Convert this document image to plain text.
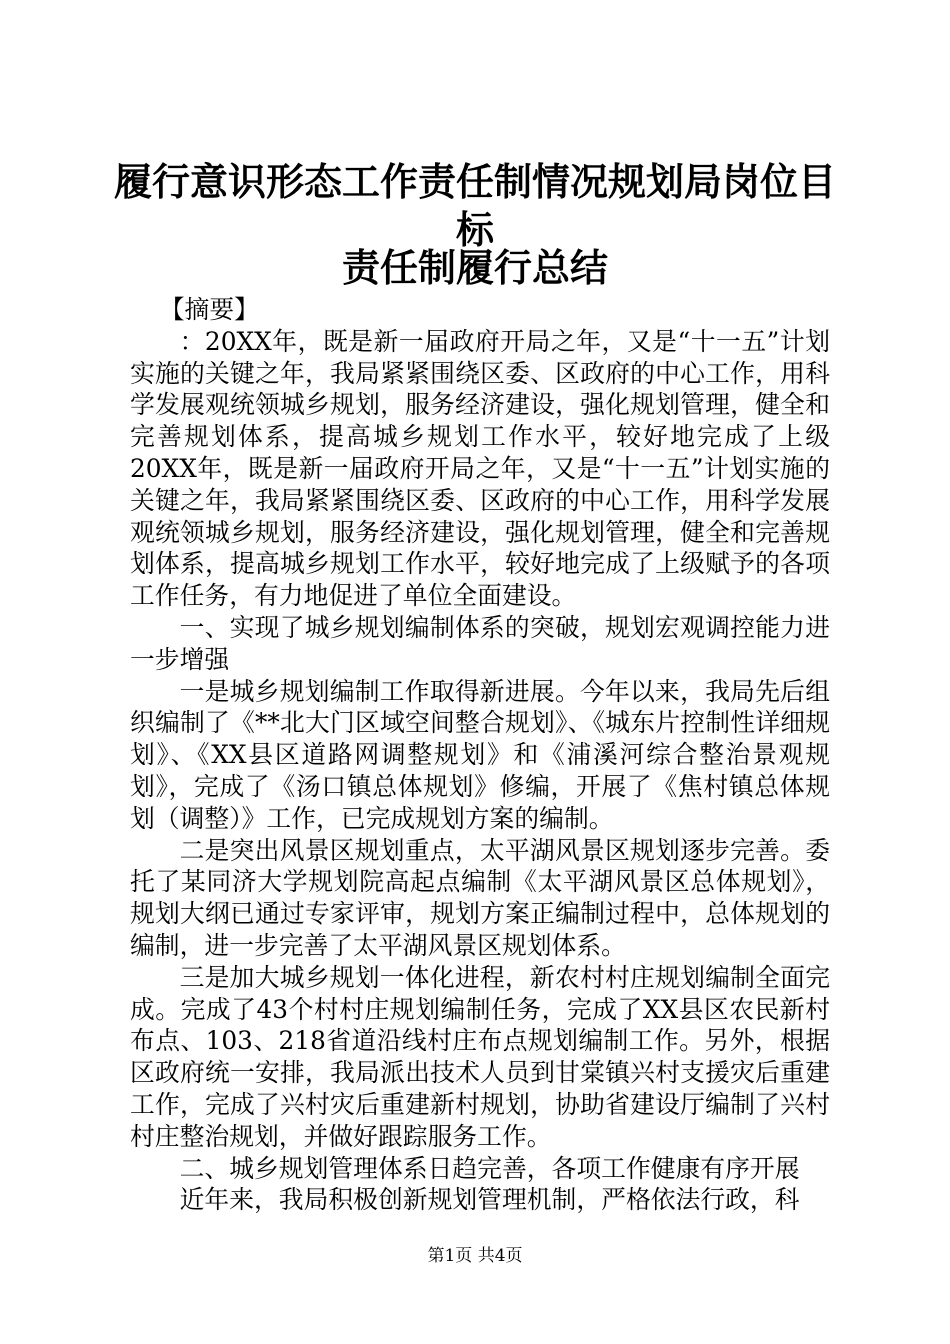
履行意识形态工作责任制情况规划局岗位目标
责任制履行总结

【摘要】

：20XX年，既是新一届政府开局之年，又是“十一五”计划实施的关键之年，我局紧紧围绕区委、区政府的中心工作，用科学发展观统领城乡规划，服务经济建设，强化规划管理，健全和完善规划体系，提高城乡规划工作水平，较好地完成了上级20XX年，既是新一届政府开局之年，又是“十一五”计划实施的关键之年，我局紧紧围绕区委、区政府的中心工作，用科学发展观统领城乡规划，服务经济建设，强化规划管理，健全和完善规划体系，提高城乡规划工作水平，较好地完成了上级赋予的各项工作任务，有力地促进了单位全面建设。

一、实现了城乡规划编制体系的突破，规划宏观调控能力进一步增强

一是城乡规划编制工作取得新进展。今年以来，我局先后组织编制了《**北大门区域空间整合规划》、《城东片控制性详细规划》、《XX县区道路网调整规划》和《浦溪河综合整治景观规划》，完成了《汤口镇总体规划》修编，开展了《焦村镇总体规划（调整）》工作，已完成规划方案的编制。

二是突出风景区规划重点，太平湖风景区规划逐步完善。委托了某同济大学规划院高起点编制《太平湖风景区总体规划》，规划大纲已通过专家评审，规划方案正编制过程中，总体规划的编制，进一步完善了太平湖风景区规划体系。

三是加大城乡规划一体化进程，新农村村庄规划编制全面完成。完成了43个村村庄规划编制任务，完成了XX县区农民新村布点、103、218省道沿线村庄布点规划编制工作。另外，根据区政府统一安排，我局派出技术人员到甘棠镇兴村支援灾后重建工作，完成了兴村灾后重建新村规划，协助省建设厅编制了兴村村庄整治规划，并做好跟踪服务工作。

二、城乡规划管理体系日趋完善，各项工作健康有序开展

近年来，我局积极创新规划管理机制，严格依法行政，科

第1页 共4页
